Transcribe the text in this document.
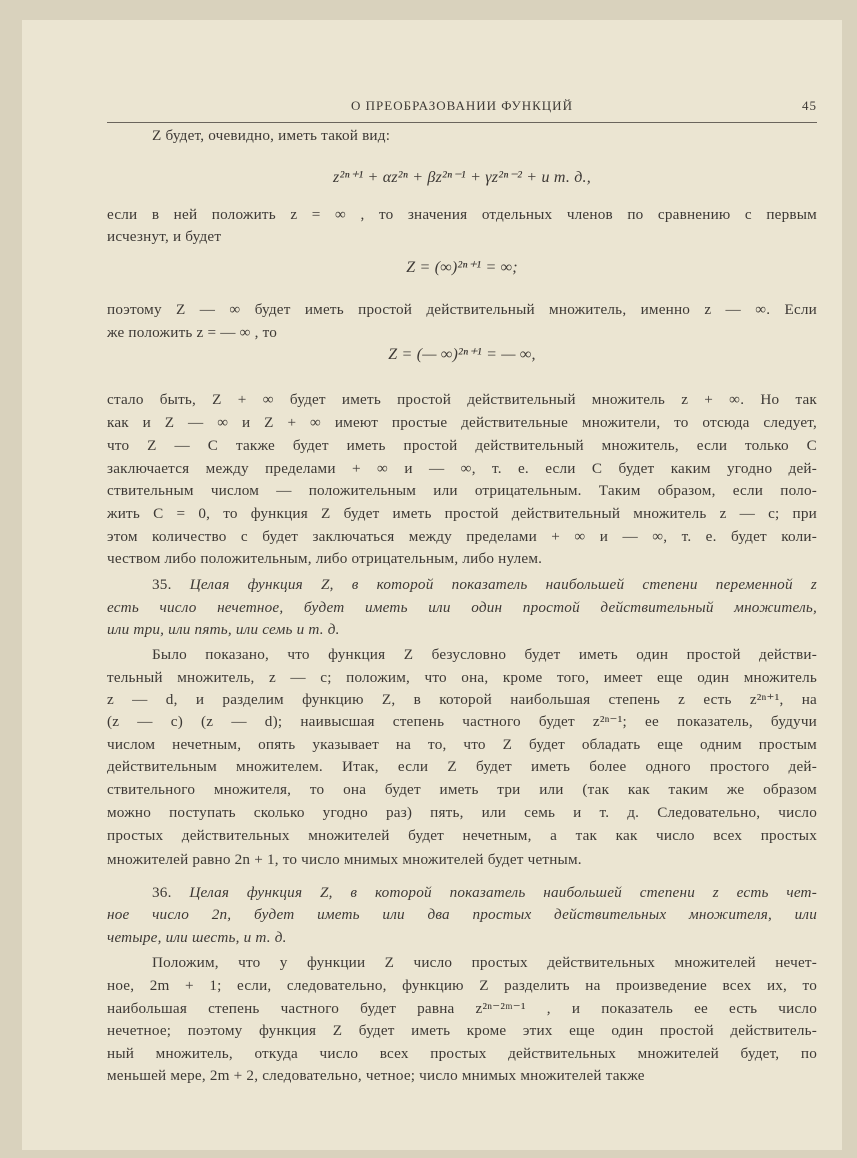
О ПРЕОБРАЗОВАНИИ ФУНКЦИЙ	45
Z будет, очевидно, иметь такой вид:
z²ⁿ⁺¹ + αz²ⁿ + βz²ⁿ⁻¹ + γz²ⁿ⁻² + и т. д.,
если в ней положить z = ∞ , то значения отдельных членов по сравнению с первым
исчезнут, и будет
Z = (∞)²ⁿ⁺¹ = ∞;
поэтому Z — ∞ будет иметь простой действительный множитель, именно z — ∞. Если
же положить z = — ∞ , то
Z = (— ∞)²ⁿ⁺¹ = — ∞,
стало быть, Z + ∞ будет иметь простой действительный множитель z + ∞. Но так
как и Z — ∞ и Z + ∞ имеют простые действительные множители, то отсюда следует,
что Z — C также будет иметь простой действительный множитель, если только C
заключается между пределами + ∞ и — ∞, т. е. если C будет каким угодно дей-
ствительным числом — положительным или отрицательным. Таким образом, если поло-
жить C = 0, то функция Z будет иметь простой действительный множитель z — c; при
этом количество c будет заключаться между пределами + ∞ и — ∞, т. е. будет коли-
чеством либо положительным, либо отрицательным, либо нулем.
35. Целая функция Z, в которой показатель наибольшей степени переменной z
есть число нечетное, будет иметь или один простой действительный множитель,
или три, или пять, или семь и т. д.
Было показано, что функция Z безусловно будет иметь один простой действи-
тельный множитель, z — c; положим, что она, кроме того, имеет еще один множитель
z — d, и разделим функцию Z, в которой наибольшая степень z есть z²ⁿ⁺¹, на
(z — c) (z — d); наивысшая степень частного будет z²ⁿ⁻¹; ее показатель, будучи
числом нечетным, опять указывает на то, что Z будет обладать еще одним простым
действительным множителем. Итак, если Z будет иметь более одного простого дей-
ствительного множителя, то она будет иметь три или (так как таким же образом
можно поступать сколько угодно раз) пять, или семь и т. д. Следовательно, число
простых действительных множителей будет нечетным, а так как число всех простых
множителей равно 2n + 1, то число мнимых множителей будет четным.
36. Целая функция Z, в которой показатель наибольшей степени z есть чет-
ное число 2n, будет иметь или два простых действительных множителя, или
четыре, или шесть, и т. д.
Положим, что у функции Z число простых действительных множителей нечет-
ное, 2m + 1; если, следовательно, функцию Z разделить на произведение всех их, то
наибольшая степень частного будет равна z²ⁿ⁻²ᵐ⁻¹ , и показатель ее есть число
нечетное; поэтому функция Z будет иметь кроме этих еще один простой действитель-
ный множитель, откуда число всех простых действительных множителей будет, по
меньшей мере, 2m + 2, следовательно, четное; число мнимых множителей также
